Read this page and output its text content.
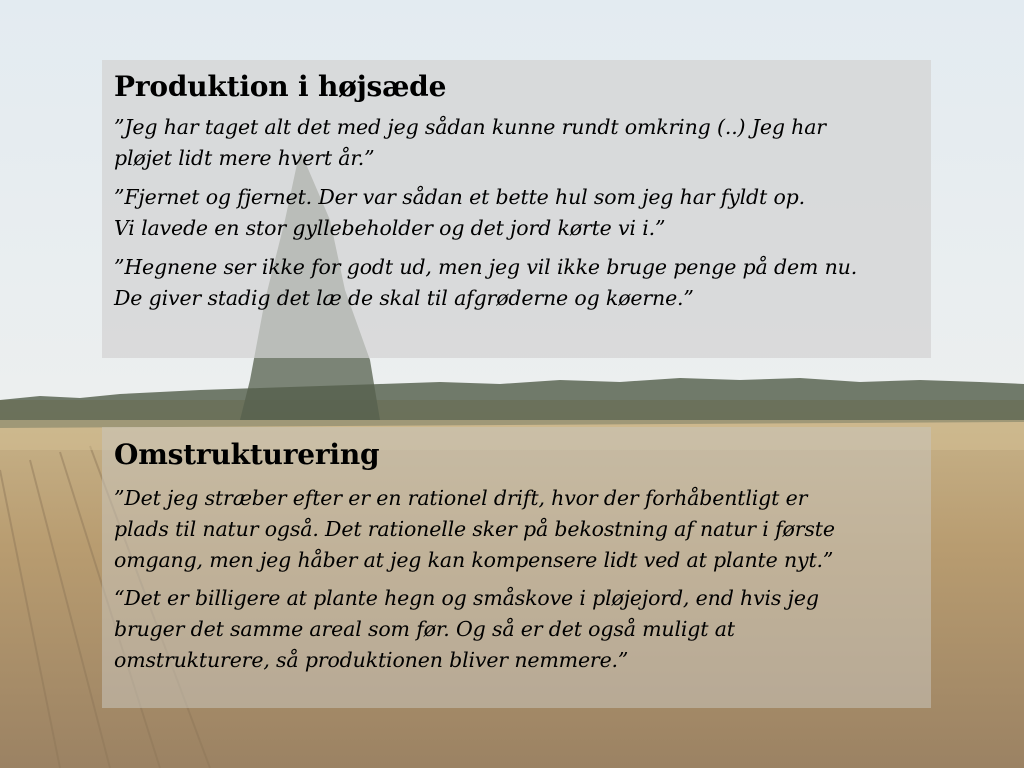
Produktion i højsæde

”Jeg har taget alt det med jeg sådan kunne rundt omkring (..) Jeg har
pløjet lidt mere hvert år.”

”Fjernet og fjernet. Der var sådan et bette hul som jeg har fyldt op.
Vi lavede en stor gyllebeholder og det jord kørte vi i.”

”Hegnene ser ikke for godt ud, men jeg vil ikke bruge penge på dem nu.
De giver stadig det læ de skal til afgrøderne og køerne.”

Omstrukturering

”Det jeg stræber efter er en rationel drift, hvor der forhåbentligt er
plads til natur også. Det rationelle sker på bekostning af natur i første
omgang, men jeg håber at jeg kan kompensere lidt ved at plante nyt.”

“Det er billigere at plante hegn og småskove i pløjejord, end hvis jeg
bruger det samme areal som før. Og så er det også muligt at
omstrukturere, så produktionen bliver nemmere.”
